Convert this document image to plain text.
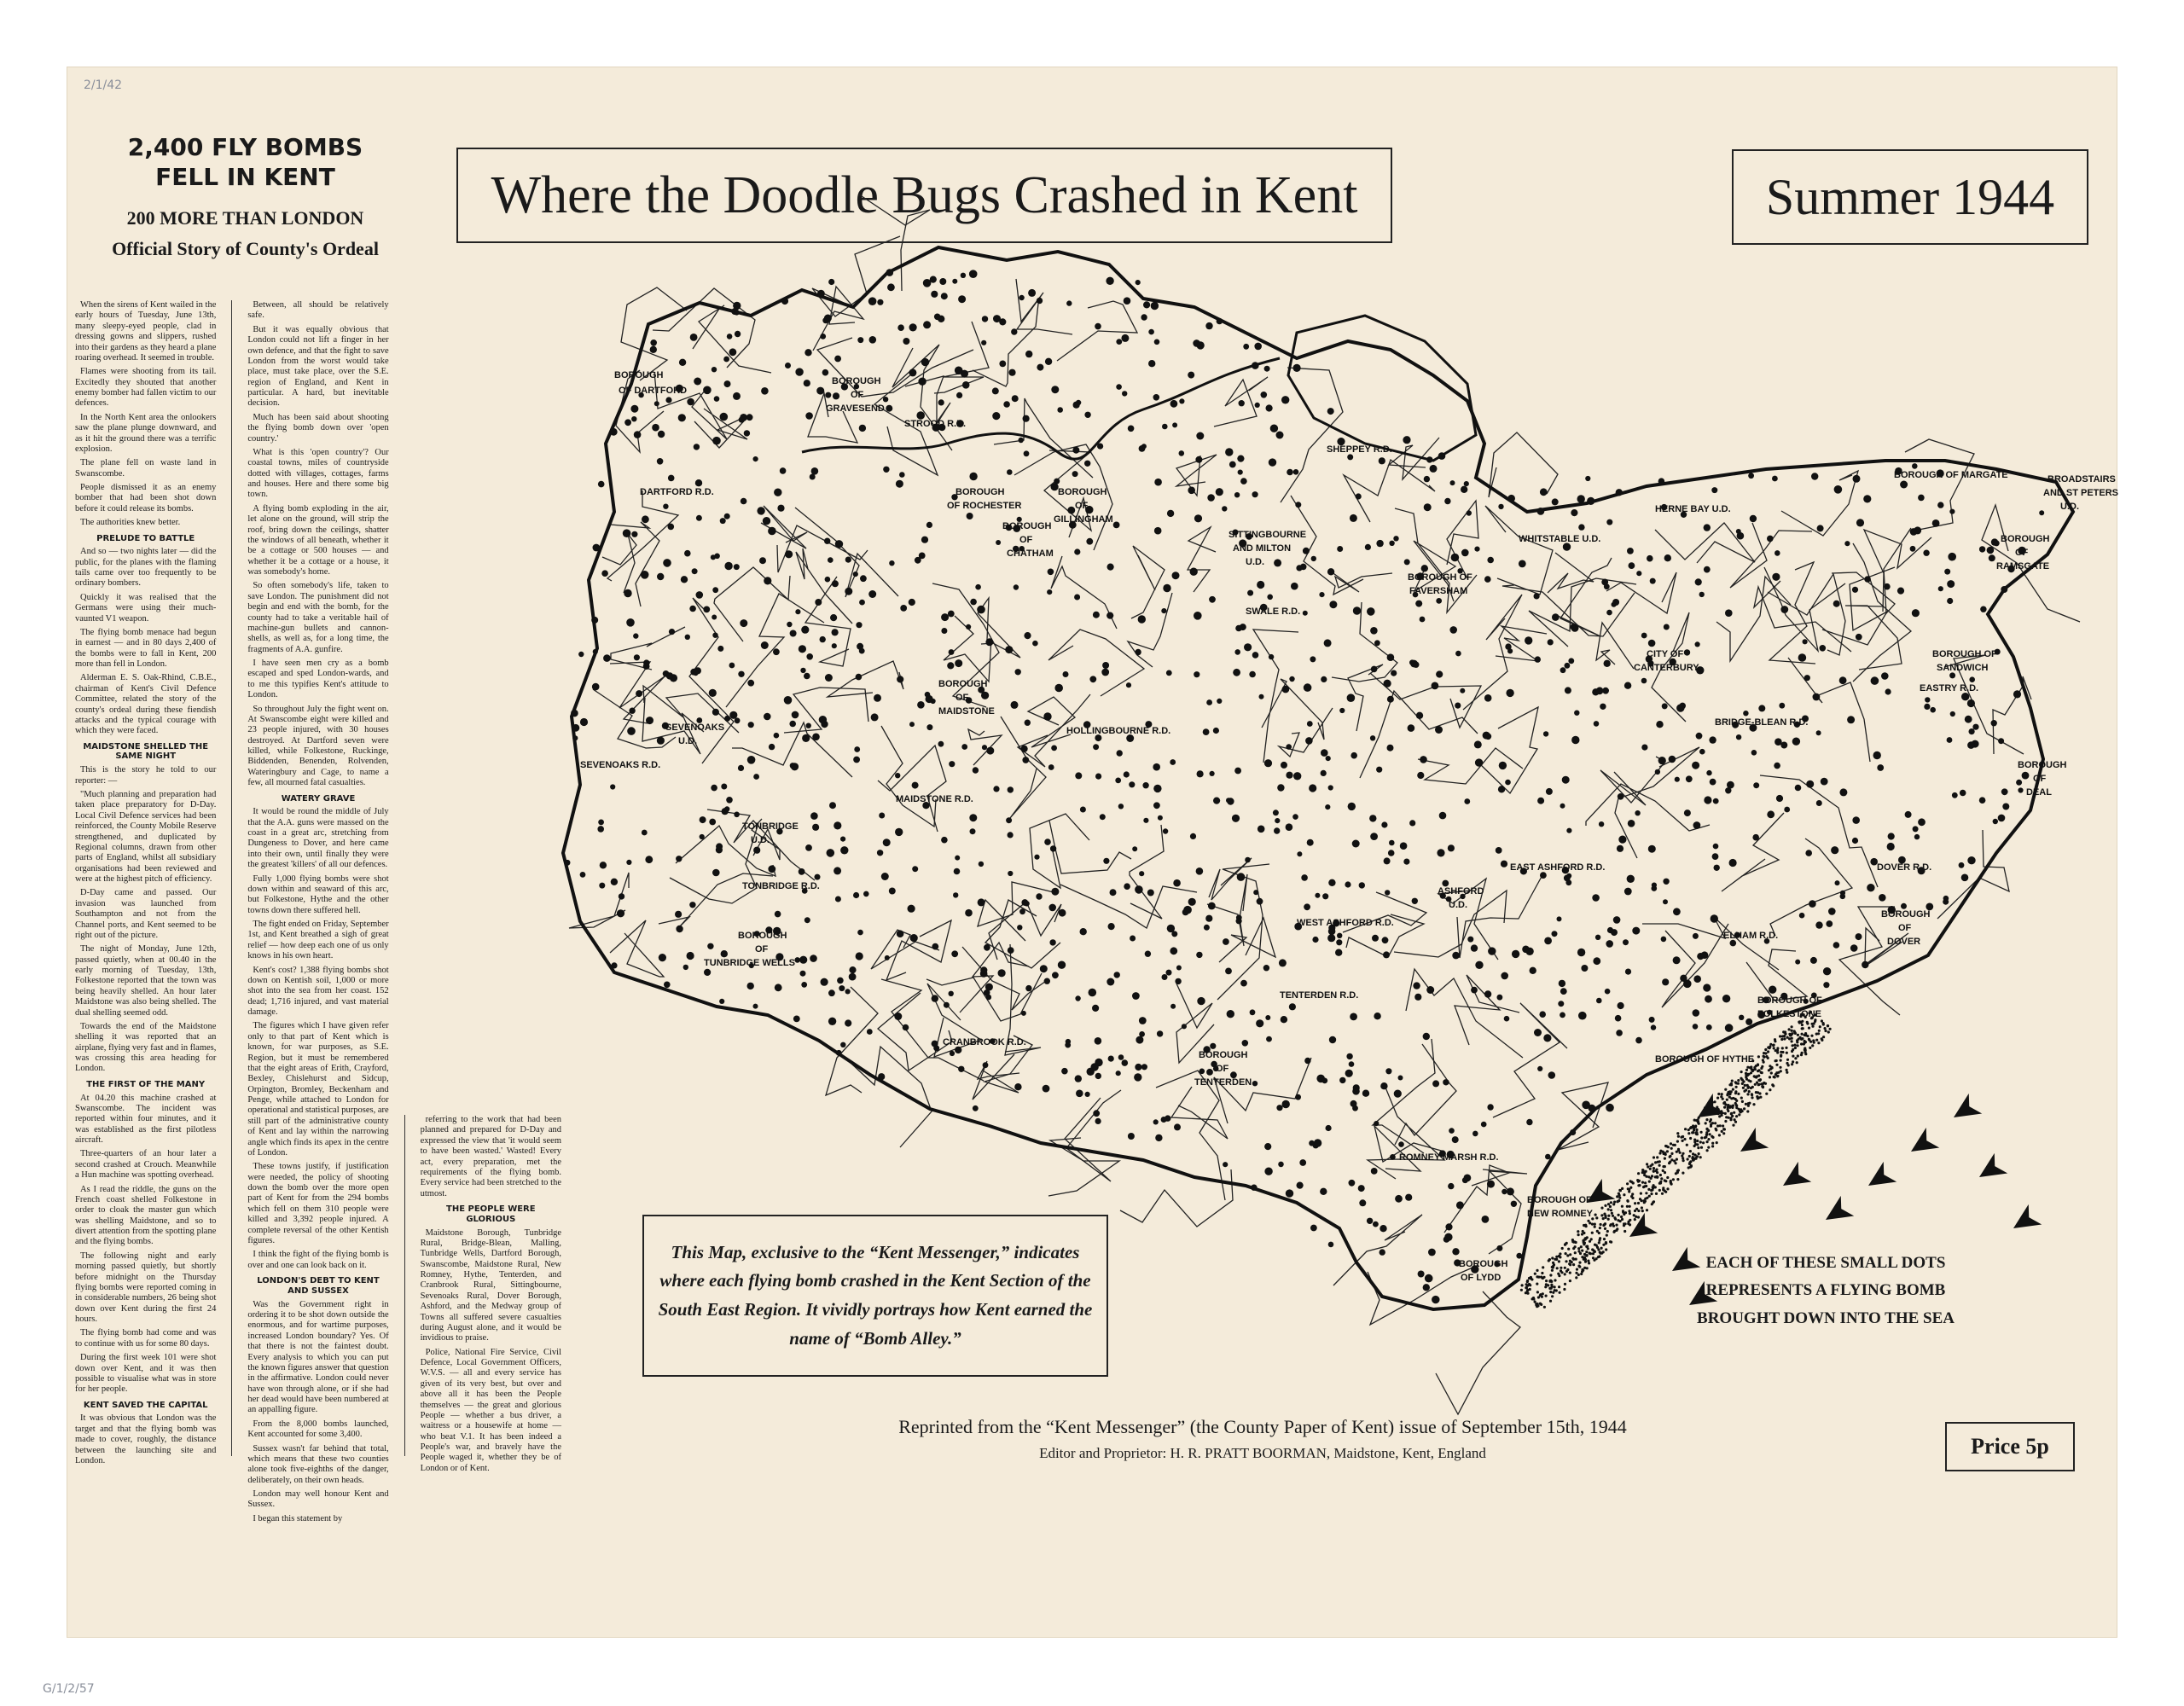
2/1/42
G/1/2/57
2,400 FLY BOMBS
FELL IN KENT
200 MORE THAN LONDON
Official Story of County's Ordeal

When the sirens of Kent wailed in the early hours of Tuesday, June 13th, many sleepy-eyed people, clad in dressing gowns and slippers, rushed into their gardens as they heard a plane roaring overhead. It seemed in trouble.

Flames were shooting from its tail. Excitedly they shouted that another enemy bomber had fallen victim to our defences.

In the North Kent area the onlookers saw the plane plunge downward, and as it hit the ground there was a terrific explosion.

The plane fell on waste land in Swanscombe.

People dismissed it as an enemy bomber that had been shot down before it could release its bombs.

The authorities knew better.

PRELUDE TO BATTLE

And so — two nights later — did the public, for the planes with the flaming tails came over too frequently to be ordinary bombers.

Quickly it was realised that the Germans were using their much-vaunted V1 weapon.

The flying bomb menace had begun in earnest — and in 80 days 2,400 of the bombs were to fall in Kent, 200 more than fell in London.

Alderman E. S. Oak-Rhind, C.B.E., chairman of Kent's Civil Defence Committee, related the story of the county's ordeal during these fiendish attacks and the typical courage with which they were faced.

MAIDSTONE SHELLED THE SAME NIGHT

This is the story he told to our reporter: —

"Much planning and preparation had taken place preparatory for D-Day. Local Civil Defence services had been reinforced, the County Mobile Reserve strengthened, and duplicated by Regional columns, drawn from other parts of England, whilst all subsidiary organisations had been reviewed and were at the highest pitch of efficiency.

D-Day came and passed. Our invasion was launched from Southampton and not from the Channel ports, and Kent seemed to be right out of the picture.

The night of Monday, June 12th, passed quietly, when at 00.40 in the early morning of Tuesday, 13th, Folkestone reported that the town was being heavily shelled. An hour later Maidstone was also being shelled. The dual shelling seemed odd.

Towards the end of the Maidstone shelling it was reported that an airplane, flying very fast and in flames, was crossing this area heading for London.

THE FIRST OF THE MANY

At 04.20 this machine crashed at Swanscombe. The incident was reported within four minutes, and it was established as the first pilotless aircraft.

Three-quarters of an hour later a second crashed at Crouch. Meanwhile a Hun machine was spotting overhead.

As I read the riddle, the guns on the French coast shelled Folkestone in order to cloak the master gun which was shelling Maidstone, and so to divert attention from the spotting plane and the flying bombs.

The following night and early morning passed quietly, but shortly before midnight on the Thursday flying bombs were reported coming in in considerable numbers, 26 being shot down over Kent during the first 24 hours.

The flying bomb had come and was to continue with us for some 80 days.

During the first week 101 were shot down over Kent, and it was then possible to visualise what was in store for her people.

KENT SAVED THE CAPITAL

It was obvious that London was the target and that the flying bomb was made to cover, roughly, the distance between the launching site and London.

Between, all should be relatively safe.

But it was equally obvious that London could not lift a finger in her own defence, and that the fight to save London from the worst would take place, must take place, over the S.E. region of England, and Kent in particular. A hard, but inevitable decision.

Much has been said about shooting the flying bomb down over 'open country.'

What is this 'open country'? Our coastal towns, miles of countryside dotted with villages, cottages, farms and houses. Here and there some big town.

A flying bomb exploding in the air, let alone on the ground, will strip the roof, bring down the ceilings, shatter the windows of all beneath, whether it be a cottage or 500 houses — and whether it be a cottage or a house, it was somebody's home.

So often somebody's life, taken to save London. The punishment did not begin and end with the bomb, for the county had to take a veritable hail of machine-gun bullets and cannon-shells, as well as, for a long time, the fragments of A.A. gunfire.

I have seen men cry as a bomb escaped and sped London-wards, and to me this typifies Kent's attitude to London.

So throughout July the fight went on. At Swanscombe eight were killed and 23 people injured, with 30 houses destroyed. At Dartford seven were killed, while Folkestone, Ruckinge, Biddenden, Benenden, Rolvenden, Wateringbury and Cage, to name a few, all mourned fatal casualties.

WATERY GRAVE

It would be round the middle of July that the A.A. guns were massed on the coast in a great arc, stretching from Dungeness to Dover, and here came into their own, until finally they were the greatest 'killers' of all our defences.

Fully 1,000 flying bombs were shot down within and seaward of this arc, but Folkestone, Hythe and the other towns down there suffered hell.

The fight ended on Friday, September 1st, and Kent breathed a sigh of great relief — how deep each one of us only knows in his own heart.

Kent's cost? 1,388 flying bombs shot down on Kentish soil, 1,000 or more shot into the sea from her coast. 152 dead; 1,716 injured, and vast material damage.

The figures which I have given refer only to that part of Kent which is known, for war purposes, as S.E. Region, but it must be remembered that the eight areas of Erith, Crayford, Bexley, Chislehurst and Sidcup, Orpington, Bromley, Beckenham and Penge, while attached to London for operational and statistical purposes, are still part of the administrative county of Kent and lay within the narrowing angle which finds its apex in the centre of London.

These towns justify, if justification were needed, the policy of shooting down the bomb over the more open part of Kent for from the 294 bombs which fell on them 310 people were killed and 3,392 people injured. A complete reversal of the other Kentish figures.

I think the fight of the flying bomb is over and one can look back on it.

LONDON'S DEBT TO KENT AND SUSSEX

Was the Government right in ordering it to be shot down outside the enormous, and for wartime purposes, increased London boundary? Yes. Of that there is not the faintest doubt. Every analysis to which you can put the known figures answer that question in the affirmative. London could never have won through alone, or if she had her dead would have been numbered at an appalling figure.

From the 8,000 bombs launched, Kent accounted for some 3,400.

Sussex wasn't far behind that total, which means that these two counties alone took five-eighths of the danger, deliberately, on their own heads.

London may well honour Kent and Sussex.

I began this statement by

referring to the work that had been planned and prepared for D-Day and expressed the view that 'it would seem to have been wasted.' Wasted! Every act, every preparation, met the requirements of the flying bomb. Every service had been stretched to the utmost.

THE PEOPLE WERE GLORIOUS

Maidstone Borough, Tunbridge Rural, Bridge-Blean, Malling, Tunbridge Wells, Dartford Borough, Swanscombe, Maidstone Rural, New Romney, Hythe, Tenterden, and Cranbrook Rural, Sittingbourne, Sevenoaks Rural, Dover Borough, Ashford, and the Medway group of Towns all suffered severe casualties during August alone, and it would be invidious to praise.

Police, National Fire Service, Civil Defence, Local Government Officers, W.V.S. — all and every service has given of its very best, but over and above all it has been the People themselves — the great and glorious People — whether a bus driver, a waitress or a housewife at home — who beat V.1. It has been indeed a People's war, and bravely have the People waged it, whether they be of London or of Kent.

Where the Doodle Bugs Crashed in Kent	Summer 1944
BOROUGH
OF DARTFORD
DARTFORD R.D.
SEVENOAKS R.D.
SEVENOAKS
U.D.
TONBRIDGE
U.D.
TONBRIDGE R.D.
BOROUGH
OF
TUNBRIDGE WELLS
BOROUGH
OF
GRAVESEND
STROOD R.D.
BOROUGH
OF ROCHESTER
BOROUGH
OF
CHATHAM
BOROUGH
OF
GILLINGHAM
SHEPPEY R.D.
SITTINGBOURNE
AND MILTON
U.D.
SWALE R.D.
BOROUGH
OF
MAIDSTONE
HOLLINGBOURNE R.D.
MAIDSTONE R.D.
BOROUGH OF
FAVERSHAM
WHITSTABLE U.D.
HERNE BAY U.D.
BOROUGH OF MARGATE	BROADSTAIRS
AND ST PETERS
U.D.
BOROUGH
OF
RAMSGATE
CITY OF
CANTERBURY
BRIDGE-BLEAN R.D.
EASTRY R.D.
BOROUGH OF
SANDWICH
BOROUGH
OF
DEAL
DOVER R.D.
BOROUGH
OF
DOVER
ELHAM R.D.
ASHFORD
U.D.
WEST ASHFORD R.D.
EAST ASHFORD R.D.
TENTERDEN R.D.
BOROUGH
OF
TENTERDEN
CRANBROOK R.D.
ROMNEY MARSH R.D.
BOROUGH
OF LYDD
BOROUGH OF
FOLKESTONE
BOROUGH OF HYTHE
BOROUGH OF
NEW ROMNEY
This Map, exclusive to the “Kent Messenger,” indicates where each flying bomb crashed in the Kent Section of the South East Region. It vividly portrays how Kent earned the name of “Bomb Alley.”
EACH OF THESE SMALL DOTS
REPRESENTS A FLYING BOMB
BROUGHT DOWN INTO THE SEA
Reprinted from the “Kent Messenger” (the County Paper of Kent) issue of September 15th, 1944
Editor and Proprietor: H. R. PRATT BOORMAN, Maidstone, Kent, England	Price 5p
